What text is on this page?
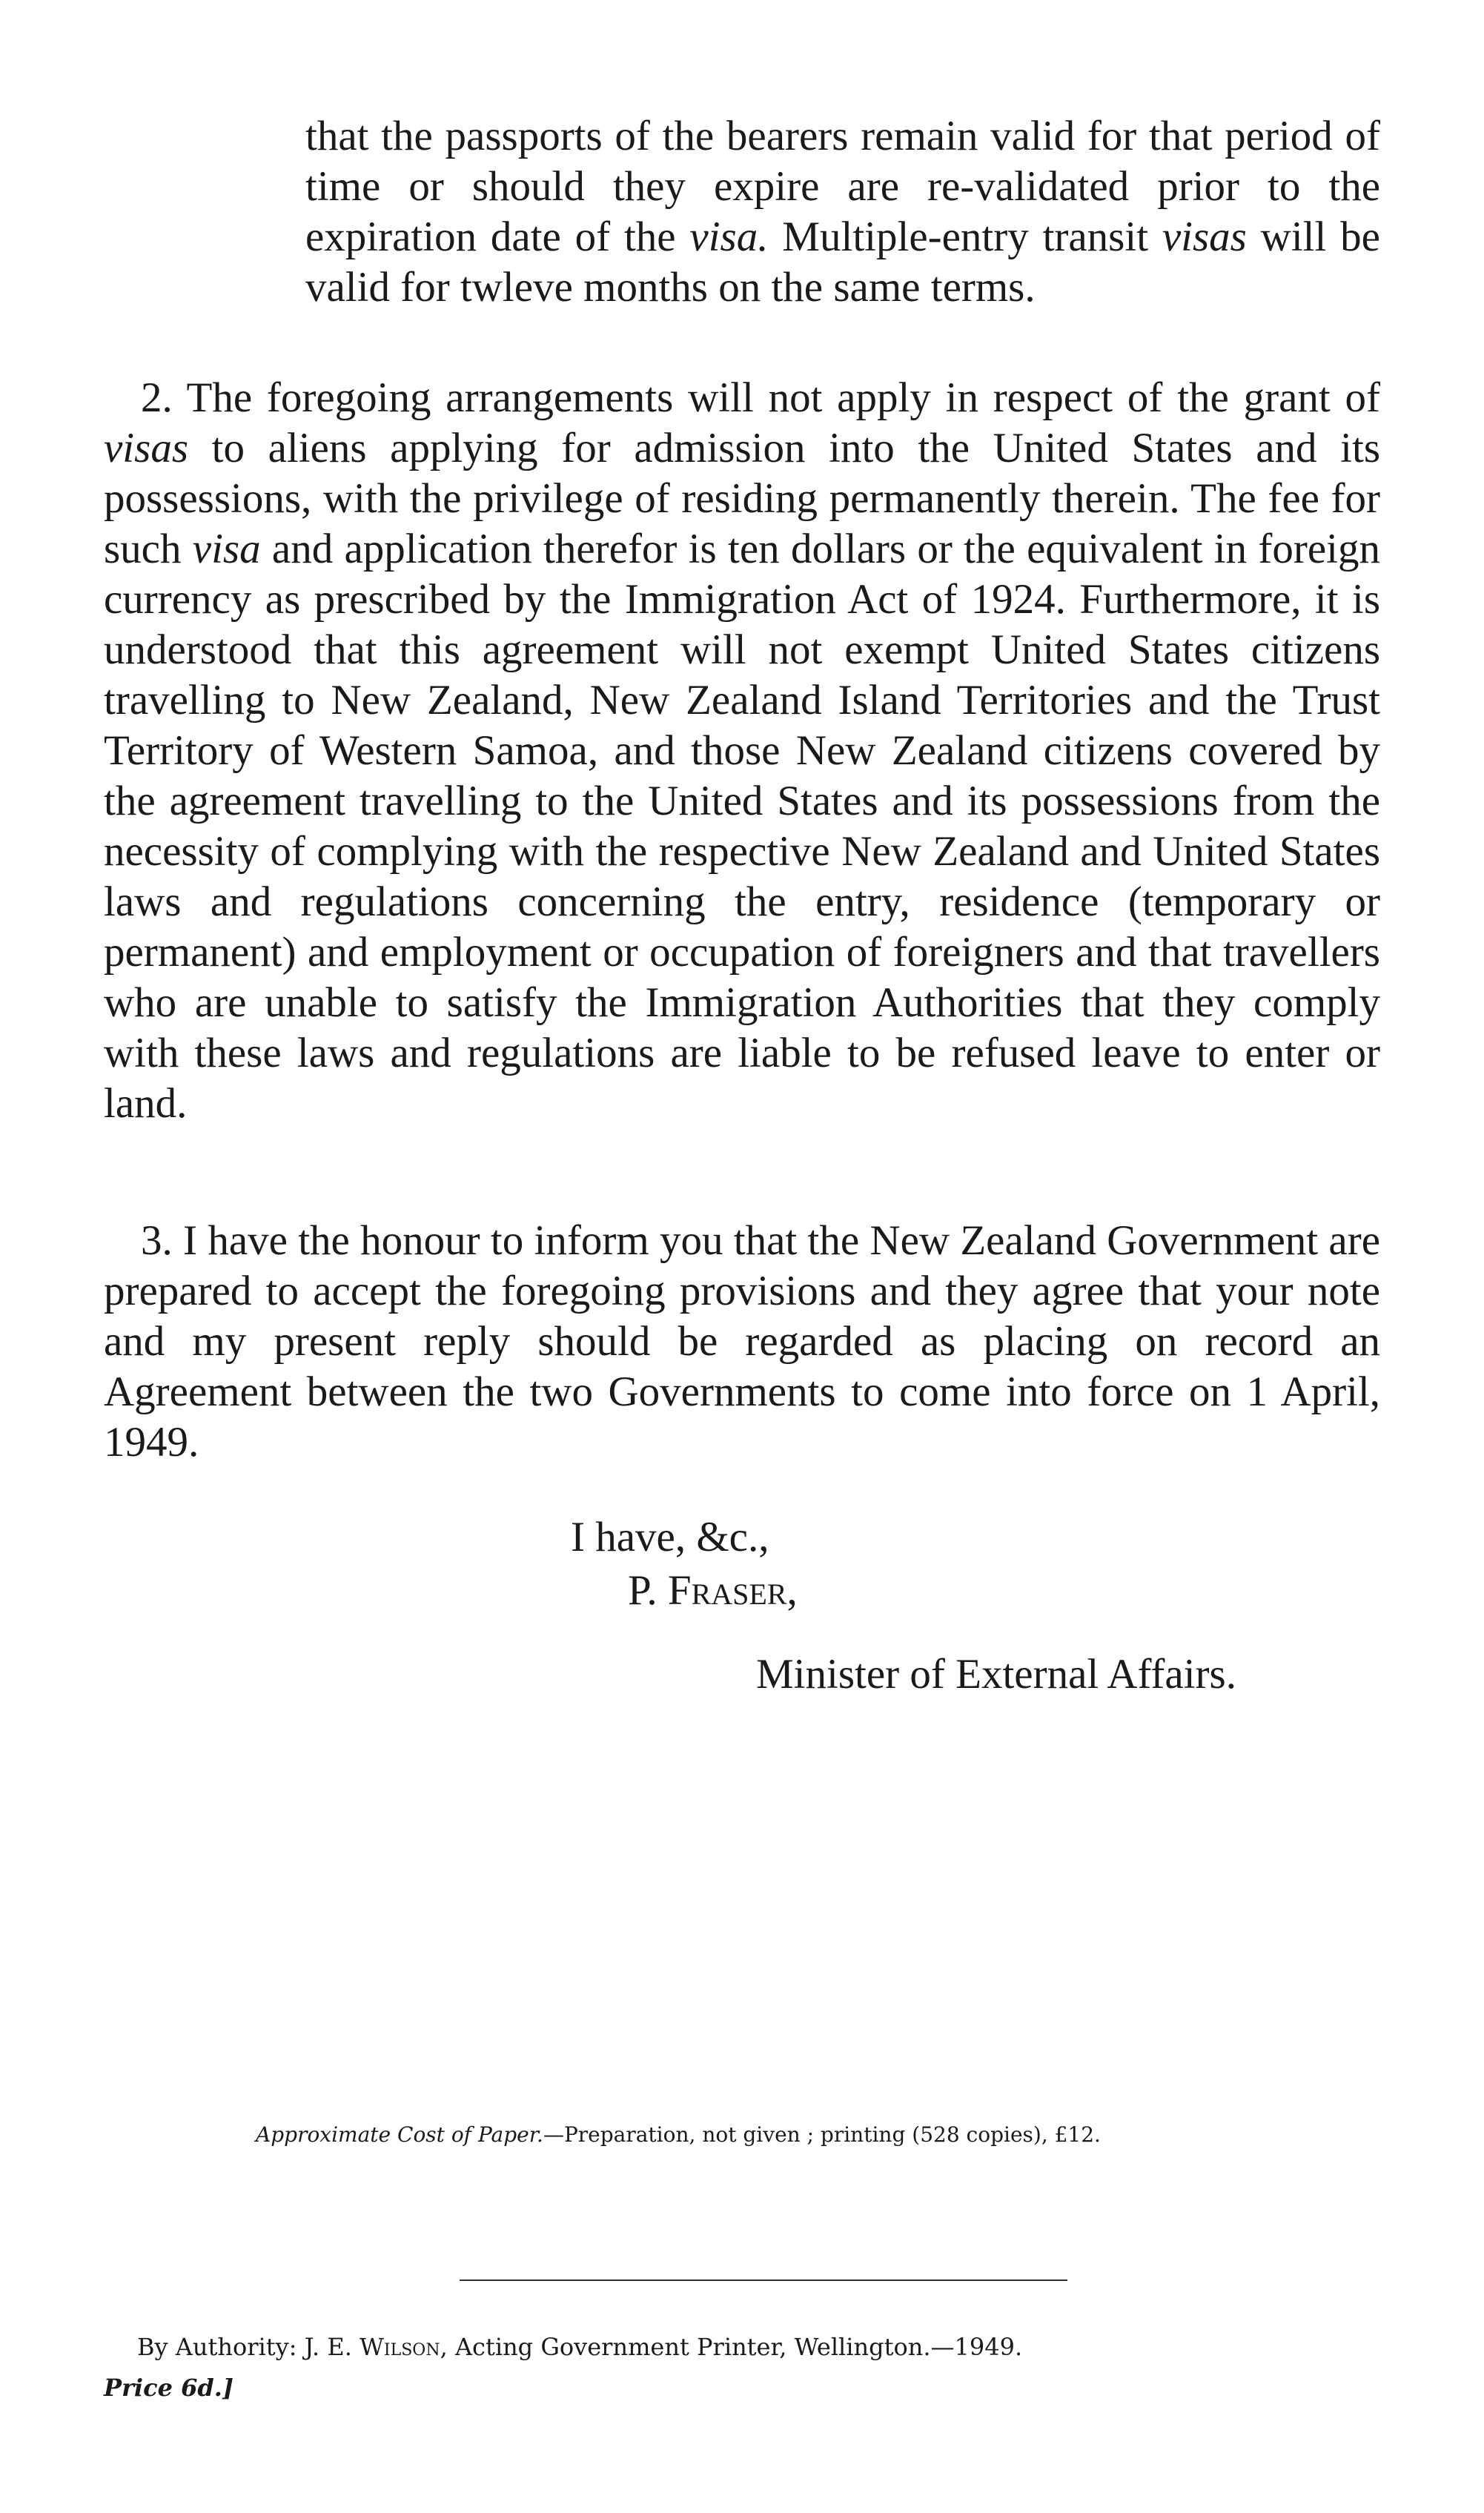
that the passports of the bearers remain valid for that period of time or should they expire are re-validated prior to the expiration date of the visa. Multiple-entry transit visas will be valid for twleve months on the same terms.

2. The foregoing arrangements will not apply in respect of the grant of visas to aliens applying for admission into the United States and its possessions, with the privilege of residing permanently therein. The fee for such visa and application therefor is ten dollars or the equivalent in foreign currency as prescribed by the Immigration Act of 1924. Furthermore, it is understood that this agreement will not exempt United States citizens travelling to New Zealand, New Zealand Island Territories and the Trust Territory of Western Samoa, and those New Zealand citizens covered by the agreement travelling to the United States and its possessions from the necessity of complying with the respective New Zealand and United States laws and regulations concerning the entry, residence (temporary or permanent) and employment or occupation of foreigners and that travellers who are unable to satisfy the Immigration Authorities that they comply with these laws and regulations are liable to be refused leave to enter or land.

3. I have the honour to inform you that the New Zealand Government are prepared to accept the foregoing provisions and they agree that your note and my present reply should be regarded as placing on record an Agreement between the two Governments to come into force on 1 April, 1949.

I have, &c.,
P. Fraser,
Minister of External Affairs.
Approximate Cost of Paper.—Preparation, not given ; printing (528 copies), £12.
By Authority: J. E. Wilson, Acting Government Printer, Wellington.—1949.
Price 6d.]
